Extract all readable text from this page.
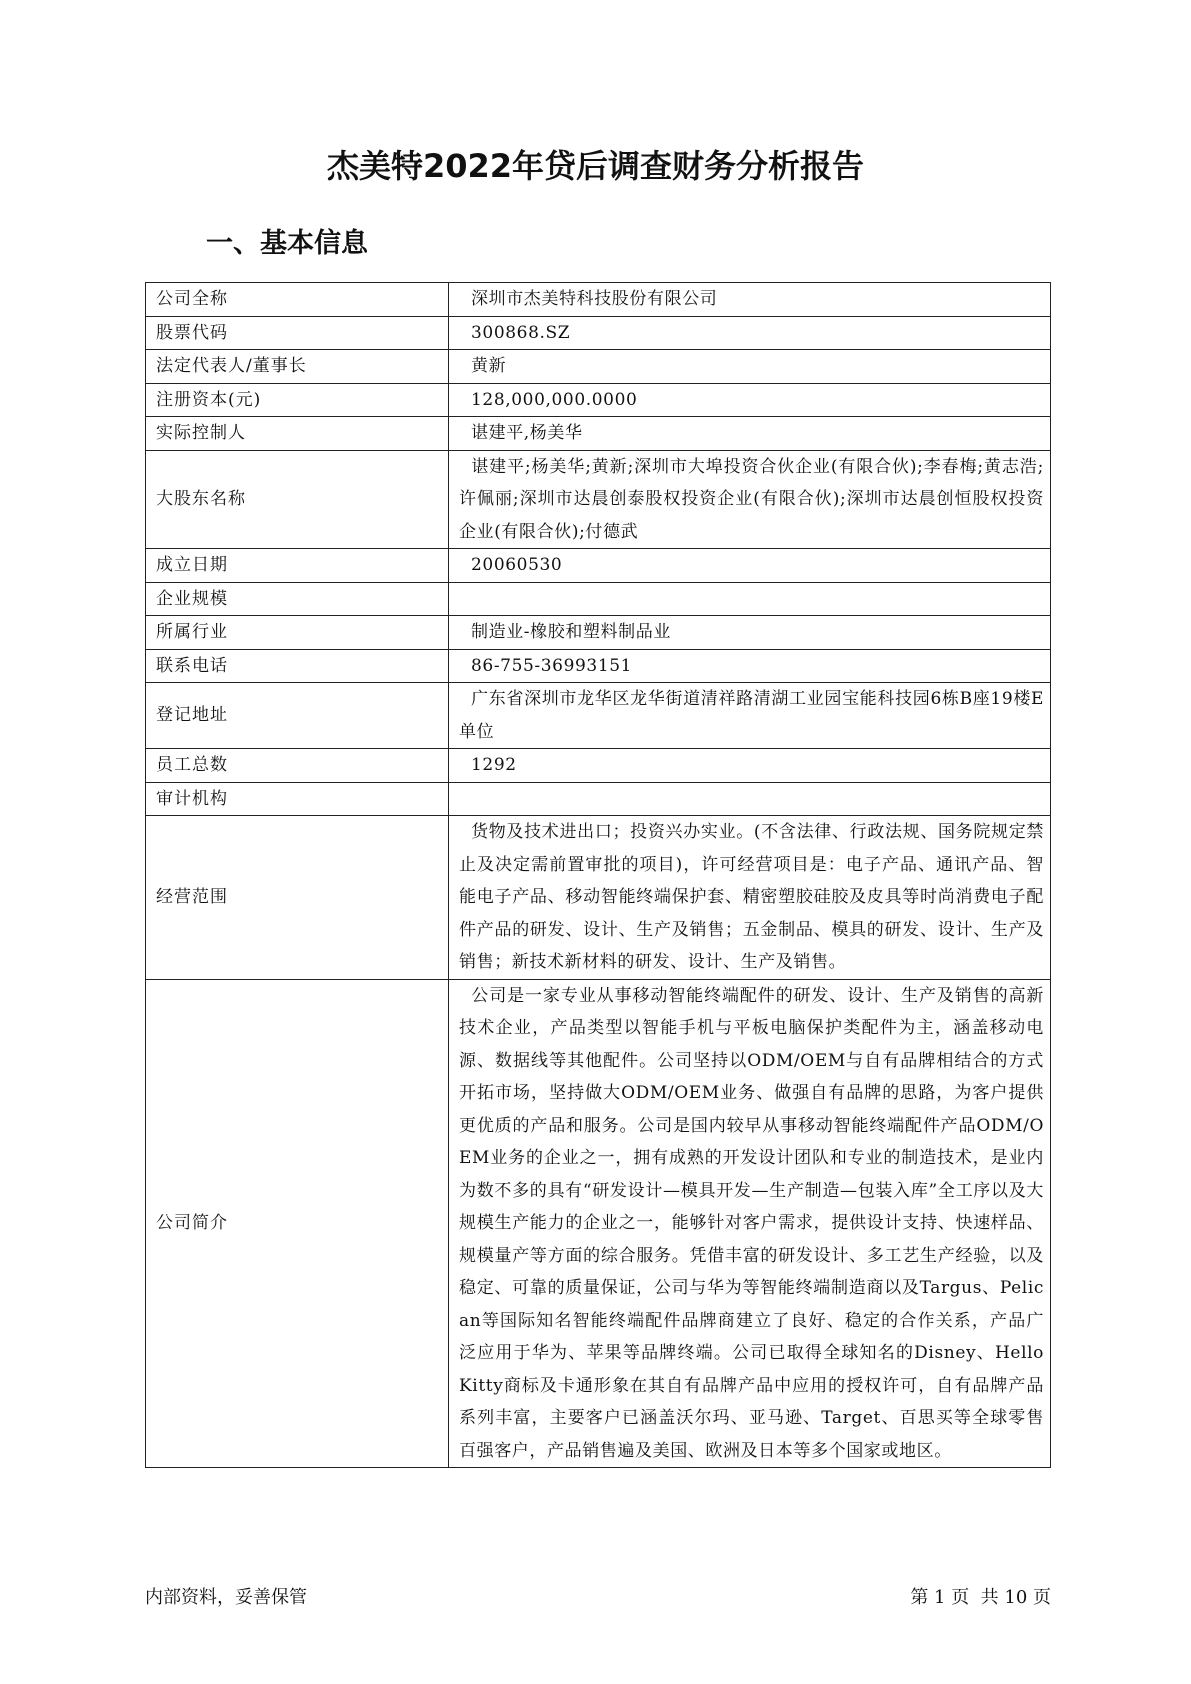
杰美特2022年贷后调查财务分析报告
一、基本信息
公司全称	深圳市杰美特科技股份有限公司
股票代码	300868.SZ
法定代表人/董事长	黄新
注册资本(元)	128,000,000.0000
实际控制人	谌建平,杨美华
大股东名称	谌建平;杨美华;黄新;深圳市大埠投资合伙企业(有限合伙);李春梅;黄志浩;许佩丽;深圳市达晨创泰股权投资企业(有限合伙);深圳市达晨创恒股权投资企业(有限合伙);付德武
成立日期	20060530
企业规模	
所属行业	制造业-橡胶和塑料制品业
联系电话	86-755-36993151
登记地址	广东省深圳市龙华区龙华街道清祥路清湖工业园宝能科技园6栋B座19楼E单位
员工总数	1292
审计机构	
经营范围	货物及技术进出口；投资兴办实业。(不含法律、行政法规、国务院规定禁止及决定需前置审批的项目)，许可经营项目是：电子产品、通讯产品、智能电子产品、移动智能终端保护套、精密塑胶硅胶及皮具等时尚消费电子配件产品的研发、设计、生产及销售；五金制品、模具的研发、设计、生产及销售；新技术新材料的研发、设计、生产及销售。
公司简介	公司是一家专业从事移动智能终端配件的研发、设计、生产及销售的高新技术企业，产品类型以智能手机与平板电脑保护类配件为主，涵盖移动电源、数据线等其他配件。公司坚持以ODM/OEM与自有品牌相结合的方式开拓市场，坚持做大ODM/OEM业务、做强自有品牌的思路，为客户提供更优质的产品和服务。公司是国内较早从事移动智能终端配件产品ODM/OEM业务的企业之一，拥有成熟的开发设计团队和专业的制造技术，是业内为数不多的具有“研发设计—模具开发—生产制造—包装入库”全工序以及大规模生产能力的企业之一，能够针对客户需求，提供设计支持、快速样品、规模量产等方面的综合服务。凭借丰富的研发设计、多工艺生产经验，以及稳定、可靠的质量保证，公司与华为等智能终端制造商以及Targus、Pelican等国际知名智能终端配件品牌商建立了良好、稳定的合作关系，产品广泛应用于华为、苹果等品牌终端。公司已取得全球知名的Disney、Hello Kitty商标及卡通形象在其自有品牌产品中应用的授权许可，自有品牌产品系列丰富，主要客户已涵盖沃尔玛、亚马逊、Target、百思买等全球零售百强客户，产品销售遍及美国、欧洲及日本等多个国家或地区。
内部资料，妥善保管	第 1 页  共 10 页
